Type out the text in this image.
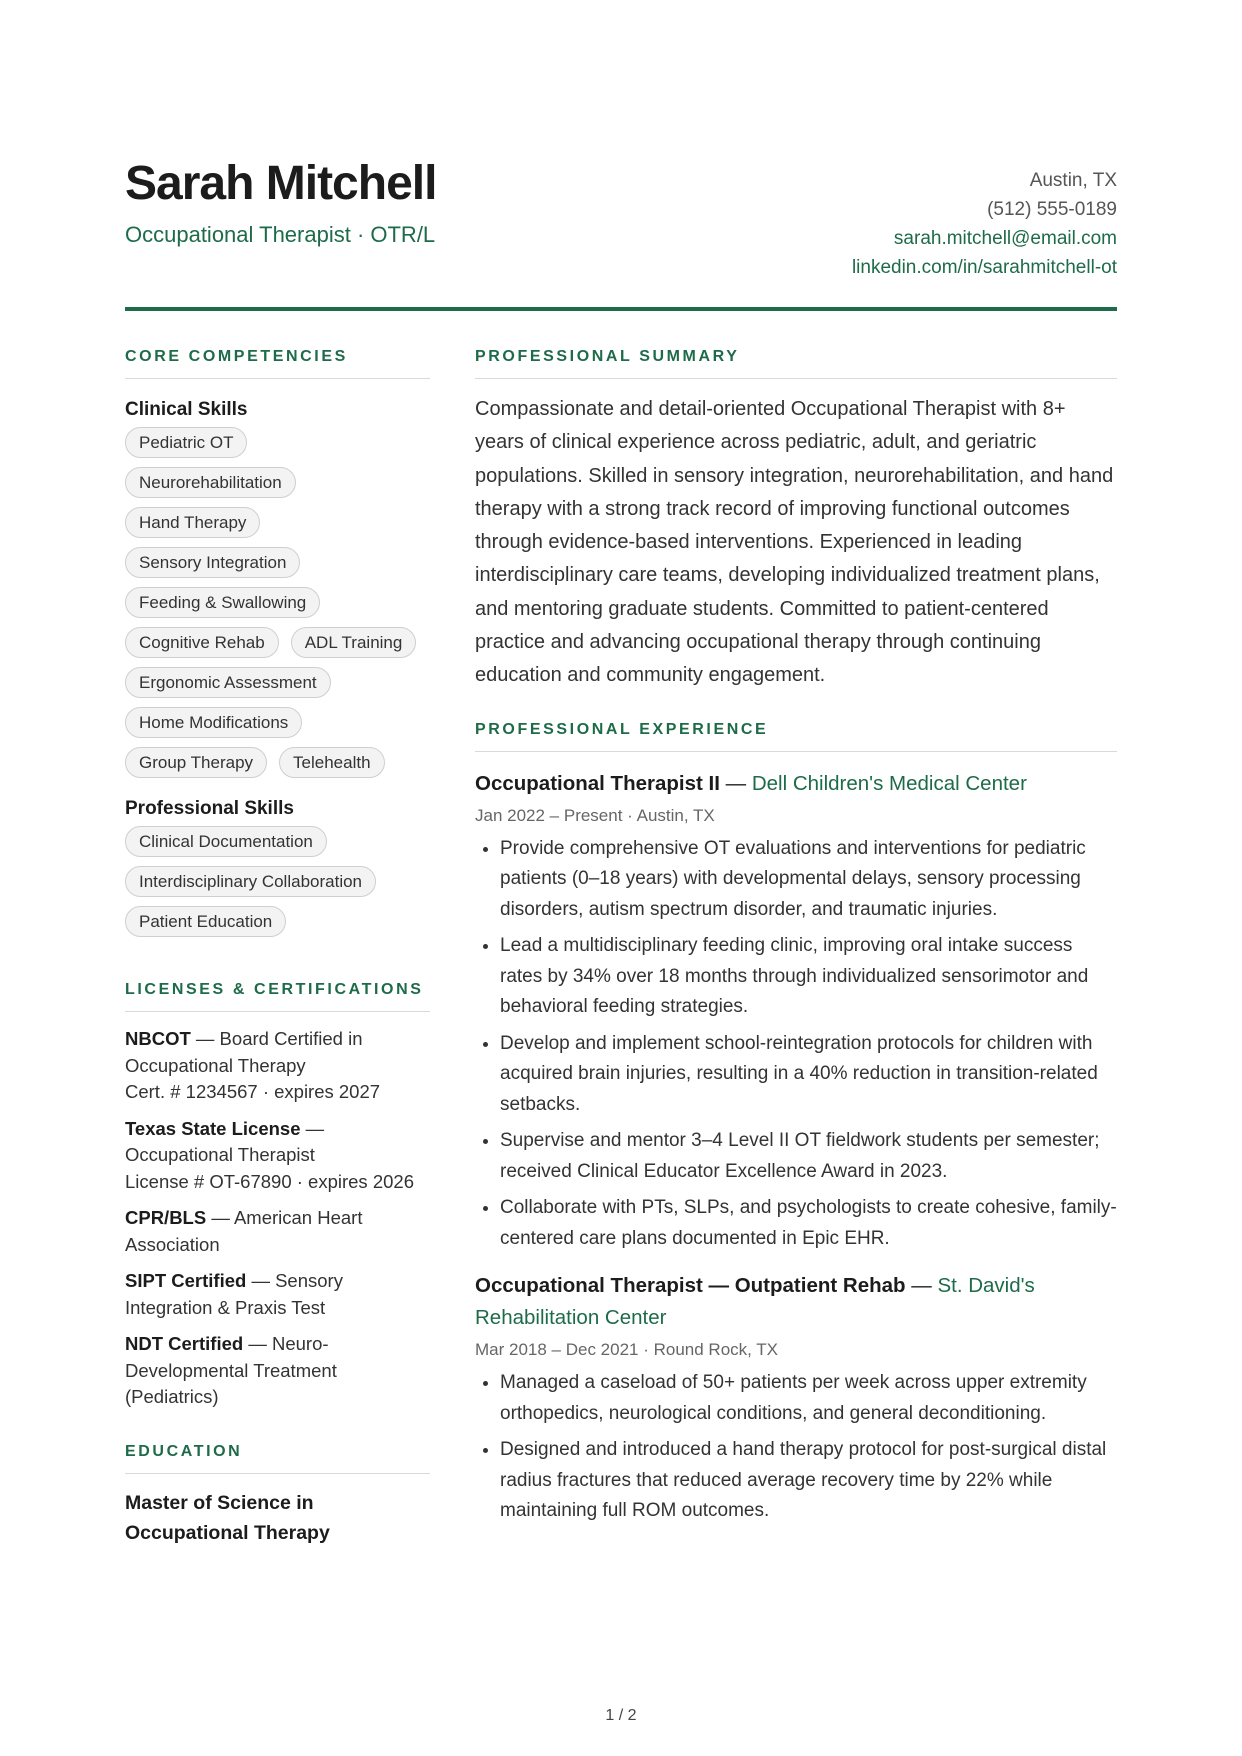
Sarah Mitchell
Occupational Therapist · OTR/L
Austin, TX
(512) 555-0189
sarah.mitchell@email.com
linkedin.com/in/sarahmitchell-ot
CORE COMPETENCIES
Clinical Skills
Pediatric OT
Neurorehabilitation
Hand Therapy
Sensory Integration
Feeding & Swallowing
Cognitive Rehab	ADL Training
Ergonomic Assessment
Home Modifications
Group Therapy	Telehealth
Professional Skills
Clinical Documentation
Interdisciplinary Collaboration
Patient Education
LICENSES & CERTIFICATIONS
NBCOT — Board Certified in Occupational Therapy
Cert. # 1234567 · expires 2027
Texas State License — Occupational Therapist
License # OT-67890 · expires 2026
CPR/BLS — American Heart Association
SIPT Certified — Sensory Integration & Praxis Test
NDT Certified — Neuro-Developmental Treatment (Pediatrics)
EDUCATION
Master of Science in Occupational Therapy
PROFESSIONAL SUMMARY

Compassionate and detail-oriented Occupational Therapist with 8+ years of clinical experience across pediatric, adult, and geriatric populations. Skilled in sensory integration, neurorehabilitation, and hand therapy with a strong track record of improving functional outcomes through evidence-based interventions. Experienced in leading interdisciplinary care teams, developing individualized treatment plans, and mentoring graduate students. Committed to patient-centered practice and advancing occupational therapy through continuing education and community engagement.

PROFESSIONAL EXPERIENCE
Occupational Therapist II — Dell Children's Medical Center
Jan 2022 – Present · Austin, TX
• Provide comprehensive OT evaluations and interventions for pediatric patients (0–18 years) with developmental delays, sensory processing disorders, autism spectrum disorder, and traumatic injuries.
• Lead a multidisciplinary feeding clinic, improving oral intake success rates by 34% over 18 months through individualized sensorimotor and behavioral feeding strategies.
• Develop and implement school-reintegration protocols for children with acquired brain injuries, resulting in a 40% reduction in transition-related setbacks.
• Supervise and mentor 3–4 Level II OT fieldwork students per semester; received Clinical Educator Excellence Award in 2023.
• Collaborate with PTs, SLPs, and psychologists to create cohesive, family-centered care plans documented in Epic EHR.
Occupational Therapist — Outpatient Rehab — St. David's Rehabilitation Center
Mar 2018 – Dec 2021 · Round Rock, TX
• Managed a caseload of 50+ patients per week across upper extremity orthopedics, neurological conditions, and general deconditioning.
• Designed and introduced a hand therapy protocol for post-surgical distal radius fractures that reduced average recovery time by 22% while maintaining full ROM outcomes.
1 / 2
